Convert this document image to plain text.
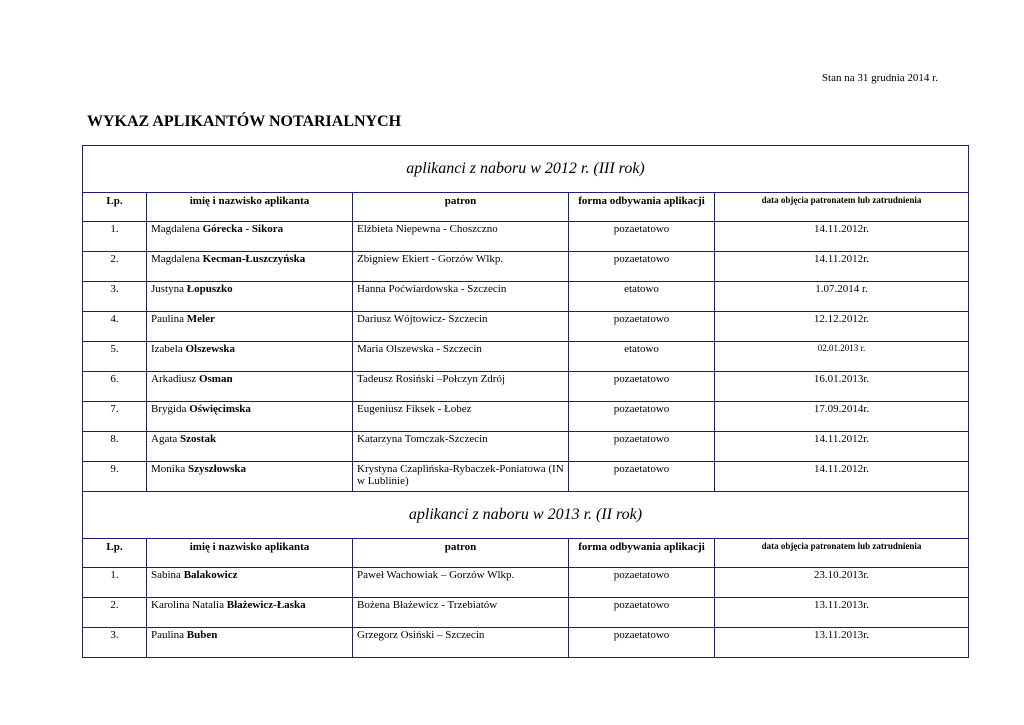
Stan na 31 grudnia 2014 r.
WYKAZ APLIKANTÓW NOTARIALNYCH
aplikanci z naboru w 2012 r. (III rok)				
Lp.	imię i nazwisko aplikanta	patron	forma odbywania aplikacji	data objęcia patronatem lub zatrudnienia
1.	Magdalena Górecka - Sikora	Elżbieta Niepewna - Choszczno	pozaetatowo	14.11.2012r.
2.	Magdalena Kecman-Łuszczyńska	Zbigniew Ekiert - Gorzów Wlkp.	pozaetatowo	14.11.2012r.
3.	Justyna Łopuszko	Hanna Poćwiardowska - Szczecin	etatowo	1.07.2014 r.
4.	Paulina Meler	Dariusz Wójtowicz- Szczecin	pozaetatowo	12.12.2012r.
5.	Izabela Olszewska	Maria Olszewska - Szczecin	etatowo	02.01.2013 r.
6.	Arkadiusz Osman	Tadeusz Rosiński –Połczyn Zdrój	pozaetatowo	16.01.2013r.
7.	Brygida Oświęcimska	Eugeniusz Fiksek - Łobez	pozaetatowo	17.09.2014r.
8.	Agata Szostak	Katarzyna Tomczak-Szczecin	pozaetatowo	14.11.2012r.
9.	Monika Szyszłowska	Krystyna Czaplińska-Rybaczek-Poniatowa (IN w Lublinie)	pozaetatowo	14.11.2012r.
aplikanci z naboru w 2013 r. (II rok)				
Lp.	imię i nazwisko aplikanta	patron	forma odbywania aplikacji	data objęcia patronatem lub zatrudnienia
1.	Sabina Balakowicz	Paweł Wachowiak – Gorzów Wlkp.	pozaetatowo	23.10.2013r.
2.	Karolina Natalia Błażewicz-Łaska	Bożena Błażewicz - Trzebiatów	pozaetatowo	13.11.2013r.
3.	Paulina Buben	Grzegorz Osiński – Szczecin	pozaetatowo	13.11.2013r.
